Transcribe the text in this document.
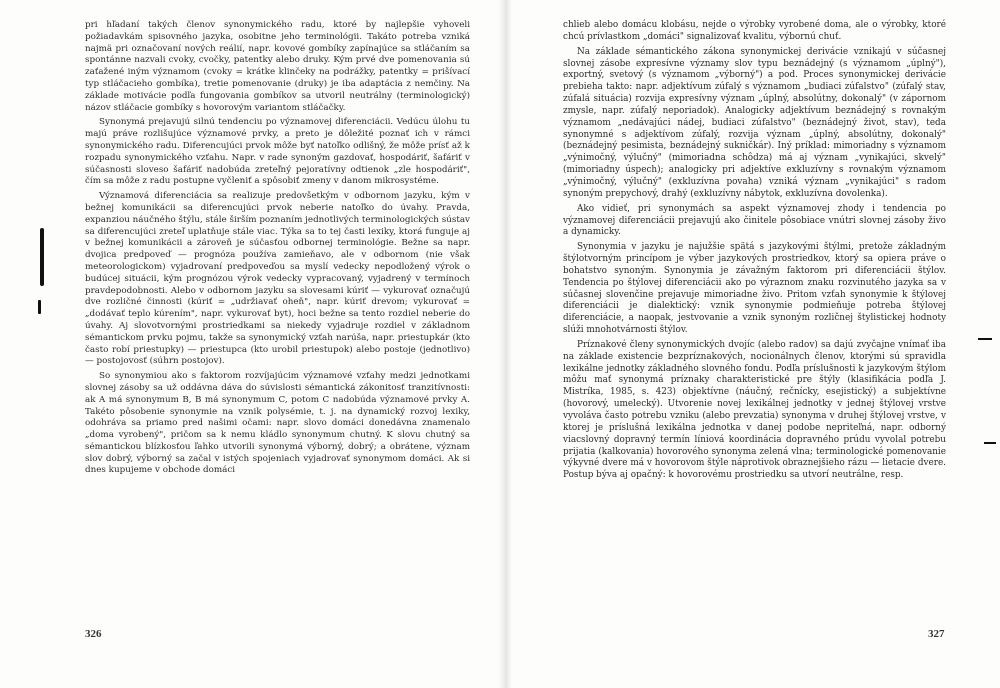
pri hľadaní takých členov synonymického radu, ktoré by najlepšie vyhoveli požiadavkám spisovného jazyka, osobitne jeho terminológii. Takáto potreba vzniká najmä pri označovaní nových reálií, napr. kovové gombíky zapínajúce sa stláčaním sa spontánne nazvali cvoky, cvočky, patentky alebo druky. Kým prvé dve pomenovania sú zaťažené iným významom (cvoky = krátke klinčeky na podrážky, patentky = prišívací typ stláčacieho gombíka), tretie pomenovanie (druky) je iba adaptácia z nemčiny. Na základe motivácie podľa fungovania gombíkov sa utvoril neutrálny (terminologický) názov stláčacie gombíky s hovorovým variantom stláčačky.

Synonymá prejavujú silnú tendenciu po významovej diferenciácii. Vedúcu úlohu tu majú práve rozlišujúce významové prvky, a preto je dôležité poznať ich v rámci synonymického radu. Diferencujúci prvok môže byť natoľko odlišný, že môže prísť až k rozpadu synonymického vzťahu. Napr. v rade synoným gazdovať, hospodáriť, šafáriť v súčasnosti sloveso šafáriť nadobúda zreteľný pejoratívny odtienok „zle hospodáriť", čím sa môže z radu postupne vyčleniť a spôsobiť zmeny v danom mikrosystéme.

Významová diferenciácia sa realizuje predovšetkým v odbornom jazyku, kým v bežnej komunikácii sa diferencujúci prvok neberie natoľko do úvahy. Pravda, expanziou náučného štýlu, stále širším poznaním jednotlivých terminologických sústav sa diferencujúci zreteľ uplatňuje stále viac. Týka sa to tej časti lexiky, ktorá funguje aj v bežnej komunikácii a zároveň je súčasťou odbornej terminológie. Bežne sa napr. dvojica predpoveď — prognóza používa zamieňavo, ale v odbornom (nie však meteorologickom) vyjadrovaní predpoveďou sa myslí vedecky nepodložený výrok o budúcej situácii, kým prognózou výrok vedecky vypracovaný, vyjadrený v termínoch pravdepodobnosti. Alebo v odbornom jazyku sa slovesami kúriť — vykurovať označujú dve rozličné činnosti (kúriť = „udržiavať oheň", napr. kúriť drevom; vykurovať = „dodávať teplo kúrením", napr. vykurovať byt), hoci bežne sa tento rozdiel neberie do úvahy. Aj slovotvornými prostriedkami sa niekedy vyjadruje rozdiel v základnom sémantickom prvku pojmu, takže sa synonymický vzťah narúša, napr. priestupkár (kto často robí priestupky) — priestupca (kto urobil priestupok) alebo postoje (jednotlivo) — postojovosť (súhrn postojov).

So synonymiou ako s faktorom rozvíjajúcim významové vzťahy medzi jednotkami slovnej zásoby sa už oddávna dáva do súvislosti sémantická zákonitosť tranzitívnosti: ak A má synonymum B, B má synonymum C, potom C nadobúda významové prvky A. Takéto pôsobenie synonymie na vznik polysémie, t. j. na dynamický rozvoj lexiky, odohráva sa priamo pred našimi očami: napr. slovo domáci donedávna znamenalo „doma vyrobený", pričom sa k nemu kládlo synonymum chutný. K slovu chutný sa sémantickou blízkosťou ľahko utvorili synonymá výborný, dobrý; a obrátene, význam slov dobrý, výborný sa začal v istých spojeniach vyjadrovať synonymom domáci. Ak si dnes kupujeme v obchode domáci

326

chlieb alebo domácu klobásu, nejde o výrobky vyrobené doma, ale o výrobky, ktoré chcú prívlastkom „domáci" signalizovať kvalitu, výbornú chuť.

Na základe sémantického zákona synonymickej derivácie vznikajú v súčasnej slovnej zásobe expresívne významy slov typu beznádejný (s významom „úplný"), exportný, svetový (s významom „výborný") a pod. Proces synonymickej derivácie prebieha takto: napr. adjektívum zúfalý s významom „budiaci zúfalstvo" (zúfalý stav, zúfalá situácia) rozvija expresívny význam „úplný, absolútny, dokonalý" (v zápornom zmysle, napr. zúfalý neporiadok). Analogicky adjektívum beznádejný s rovnakým významom „nedávajúci nádej, budiaci zúfalstvo" (beznádejný život, stav), teda synonymné s adjektívom zúfalý, rozvija význam „úplný, absolútny, dokonalý" (beznádejný pesimista, beznádejný sukničkár). Iný príklad: mimoriadny s významom „výnimočný, výlučný" (mimoriadna schôdza) má aj význam „vynikajúci, skvelý" (mimoriadny úspech); analogicky pri adjektíve exkluzívny s rovnakým významom „výnimočný, výlučný" (exkluzívna povaha) vzniká význam „vynikajúci" s radom synoným prepychový, drahý (exkluzívny nábytok, exkluzívna dovolenka).

Ako vidieť, pri synonymách sa aspekt významovej zhody i tendencia po významovej diferenciácii prejavujú ako činitele pôsobiace vnútri slovnej zásoby živo a dynamicky.

Synonymia v jazyku je najužšie spätá s jazykovými štýlmi, pretože základným štýlotvorným princípom je výber jazykových prostriedkov, ktorý sa opiera práve o bohatstvo synoným. Synonymia je závažným faktorom pri diferenciácii štýlov. Tendencia po štýlovej diferenciácii ako po výraznom znaku rozvinutého jazyka sa v súčasnej slovenčine prejavuje mimoriadne živo. Pritom vzťah synonymie k štýlovej diferenciácii je dialektický: vznik synonymie podmieňuje potreba štýlovej diferenciácie, a naopak, jestvovanie a vznik synoným rozličnej štylistickej hodnoty slúži mnohotvárnosti štýlov.

Príznakové členy synonymických dvojíc (alebo radov) sa dajú zvyčajne vnímať iba na základe existencie bezpríznakových, nocionálnych členov, ktorými sú spravidla lexikálne jednotky základného slovného fondu. Podľa príslušnosti k jazykovým štýlom môžu mať synonymá príznaky charakteristické pre štýly (klasifikácia podľa J. Mistríka, 1985, s. 423) objektívne (náučný, rečnícky, esejistický) a subjektívne (hovorový, umelecký). Utvorenie novej lexikálnej jednotky v jednej štýlovej vrstve vyvoláva často potrebu vzniku (alebo prevzatia) synonyma v druhej štýlovej vrstve, v ktorej je príslušná lexikálna jednotka v danej podobe nepriteľná, napr. odborný viacslovný dopravný termín líniová koordinácia dopravného prúdu vyvolal potrebu prijatia (kalkovania) hovorového synonyma zelená vlna; terminologické pomenovanie výkyvné dvere má v hovorovom štýle náprotivok obraznejšieho rázu — lietacie dvere. Postup býva aj opačný: k hovorovému prostriedku sa utvorí neutrálne, resp.

327
